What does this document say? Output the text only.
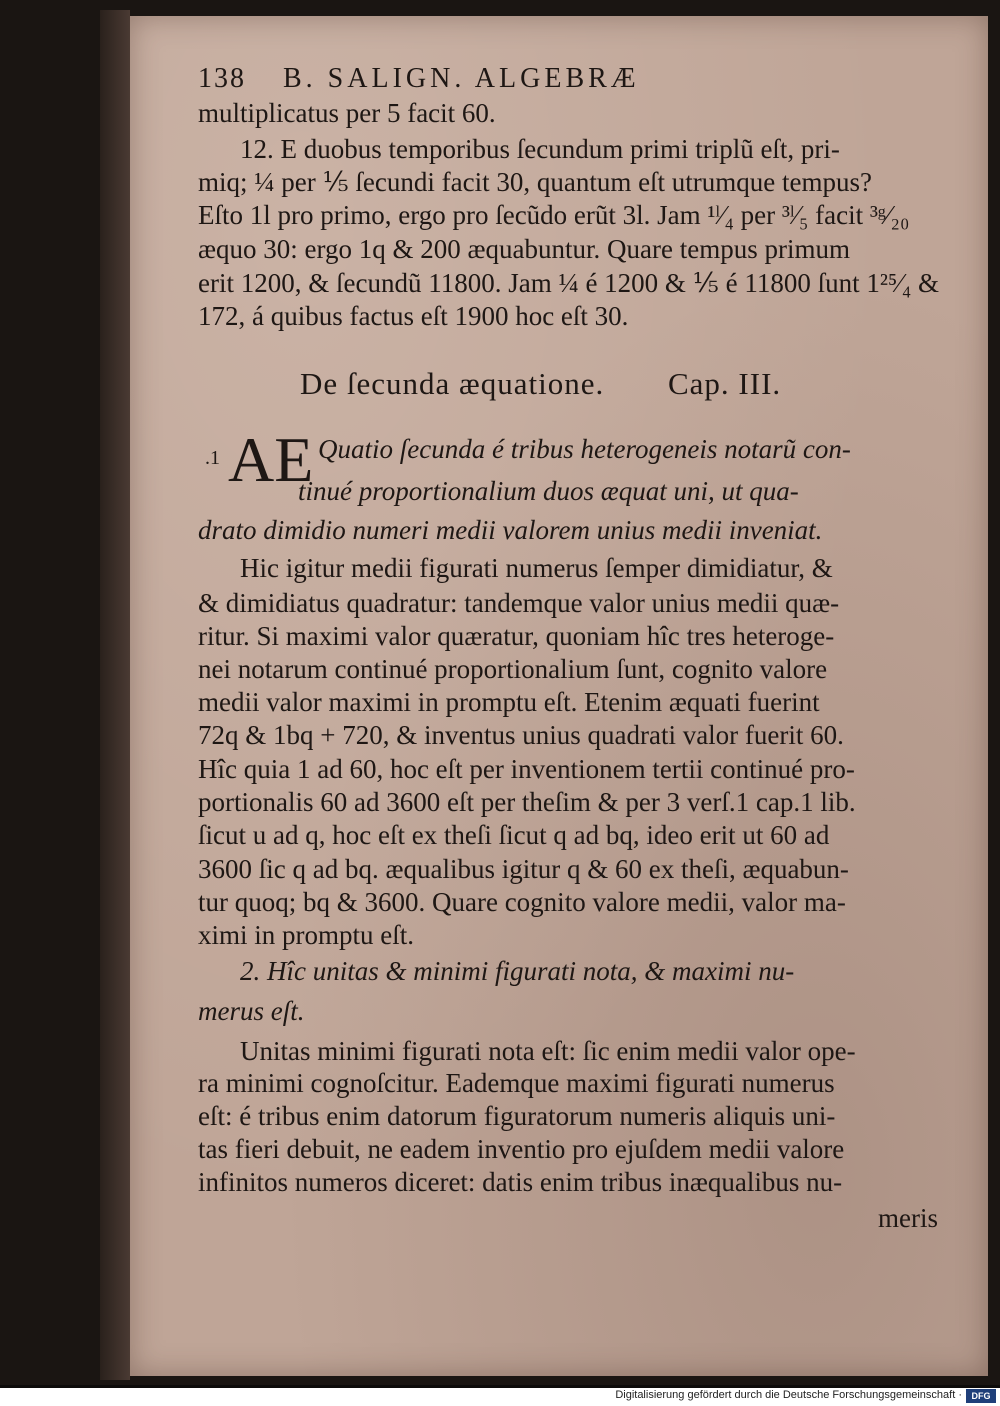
138 B. SALIGN. ALGEBRÆ
multiplicatus per 5 facit 60.
12. E duobus temporibus ſecundum primi triplũ eſt, pri-
miq; ¼ per ⅕ ſecundi facit 30, quantum eſt utrumque tempus?
Eſto 1l pro primo, ergo pro ſecũdo erũt 3l. Jam ¹ˡ⁄₄ per ³ˡ⁄₅ facit ³ᵍ⁄₂₀
æquo 30: ergo 1q & 200 æquabuntur. Quare tempus primum
erit 1200, & ſecundũ 11800. Jam ¼ é 1200 & ⅕ é 11800 ſunt 1²⁵⁄₄ &
172, á quibus factus eſt 1900 hoc eſt 30.
De ſecunda æquatione. Cap. III.
.1 AE Quatio ſecunda é tribus heterogeneis notarũ con-
tinué proportionalium duos æquat uni, ut qua-
drato dimidio numeri medii valorem unius medii inveniat.
Hic igitur medii figurati numerus ſemper dimidiatur, &
& dimidiatus quadratur: tandemque valor unius medii quæ-
ritur. Si maximi valor quæratur, quoniam hîc tres heteroge-
nei notarum continué proportionalium ſunt, cognito valore
medii valor maximi in promptu eſt. Etenim æquati fuerint
72q & 1bq + 720, & inventus unius quadrati valor fuerit 60.
Hîc quia 1 ad 60, hoc eſt per inventionem tertii continué pro-
portionalis 60 ad 3600 eſt per theſim & per 3 verſ.1 cap.1 lib.
ſicut u ad q, hoc eſt ex theſi ſicut q ad bq, ideo erit ut 60 ad
3600 ſic q ad bq. æqualibus igitur q & 60 ex theſi, æquabun-
tur quoq; bq & 3600. Quare cognito valore medii, valor ma-
ximi in promptu eſt.
2. Hîc unitas & minimi figurati nota, & maximi nu-
merus eſt.
Unitas minimi figurati nota eſt: ſic enim medii valor ope-
ra minimi cognoſcitur. Eademque maximi figurati numerus
eſt: é tribus enim datorum figuratorum numeris aliquis uni-
tas fieri debuit, ne eadem inventio pro ejuſdem medii valore
infinitos numeros diceret: datis enim tribus inæqualibus nu-
meris
Digitalisierung gefördert durch die Deutsche Forschungsgemeinschaft ·	DFG
